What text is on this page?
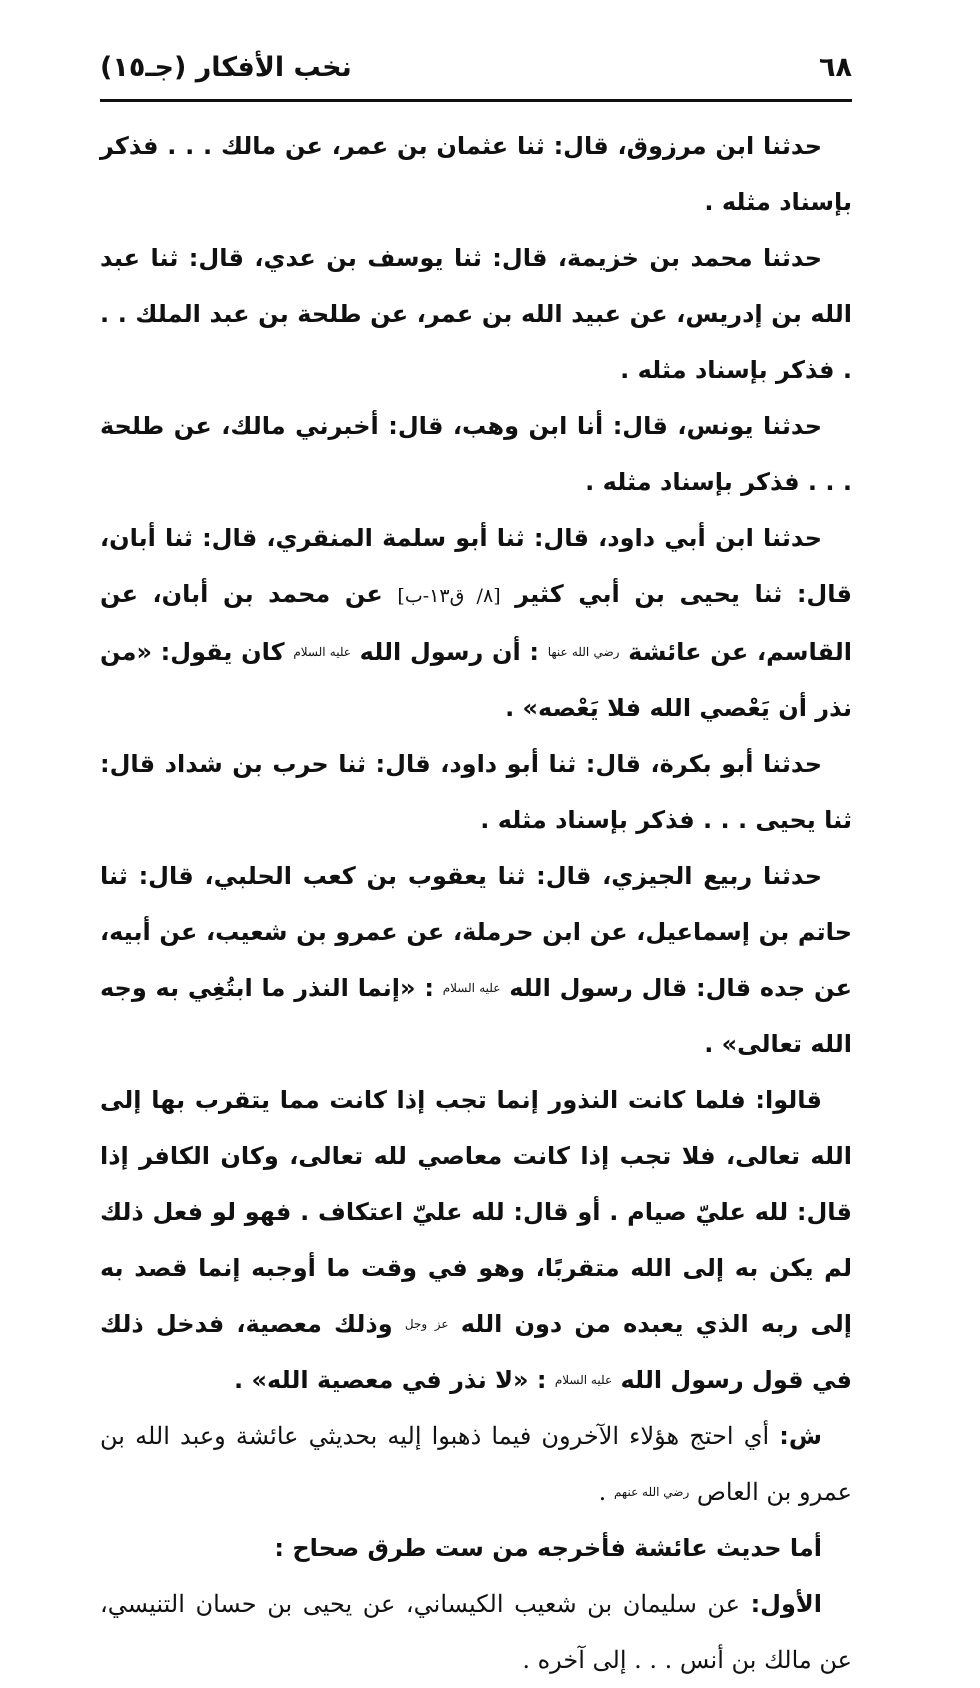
٦٨
نخب الأفكار (جـ١٥)

حدثنا ابن مرزوق، قال: ثنا عثمان بن عمر، عن مالك . . . فذكر بإسناد مثله .

حدثنا محمد بن خزيمة، قال: ثنا يوسف بن عدي، قال: ثنا عبد الله بن إدريس، عن عبيد الله بن عمر، عن طلحة بن عبد الملك . . . فذكر بإسناد مثله .

حدثنا يونس، قال: أنا ابن وهب، قال: أخبرني مالك، عن طلحة . . . فذكر بإسناد مثله .

حدثنا ابن أبي داود، قال: ثنا أبو سلمة المنقري، قال: ثنا أبان، قال: ثنا يحيى بن أبي كثير [٨/ ق١٣-ب] عن محمد بن أبان، عن القاسم، عن عائشة رضي الله عنها : أن رسول الله عليه السلام كان يقول: «من نذر أن يَعْصي الله فلا يَعْصه» .

حدثنا أبو بكرة، قال: ثنا أبو داود، قال: ثنا حرب بن شداد قال: ثنا يحيى . . . فذكر بإسناد مثله .

حدثنا ربيع الجيزي، قال: ثنا يعقوب بن كعب الحلبي، قال: ثنا حاتم بن إسماعيل، عن ابن حرملة، عن عمرو بن شعيب، عن أبيه، عن جده قال: قال رسول الله عليه السلام : «إنما النذر ما ابتُغِي به وجه الله تعالى» .

قالوا: فلما كانت النذور إنما تجب إذا كانت مما يتقرب بها إلى الله تعالى، فلا تجب إذا كانت معاصي لله تعالى، وكان الكافر إذا قال: لله عليّ صيام . أو قال: لله عليّ اعتكاف . فهو لو فعل ذلك لم يكن به إلى الله متقربًا، وهو في وقت ما أوجبه إنما قصد به إلى ربه الذي يعبده من دون الله عز وجل وذلك معصية، فدخل ذلك في قول رسول الله عليه السلام : «لا نذر في معصية الله» .

ش: أي احتج هؤلاء الآخرون فيما ذهبوا إليه بحديثي عائشة وعبد الله بن عمرو بن العاص رضي الله عنهم .

أما حديث عائشة فأخرجه من ست طرق صحاح :

الأول: عن سليمان بن شعيب الكيساني، عن يحيى بن حسان التنيسي، عن مالك بن أنس . . . إلى آخره .
